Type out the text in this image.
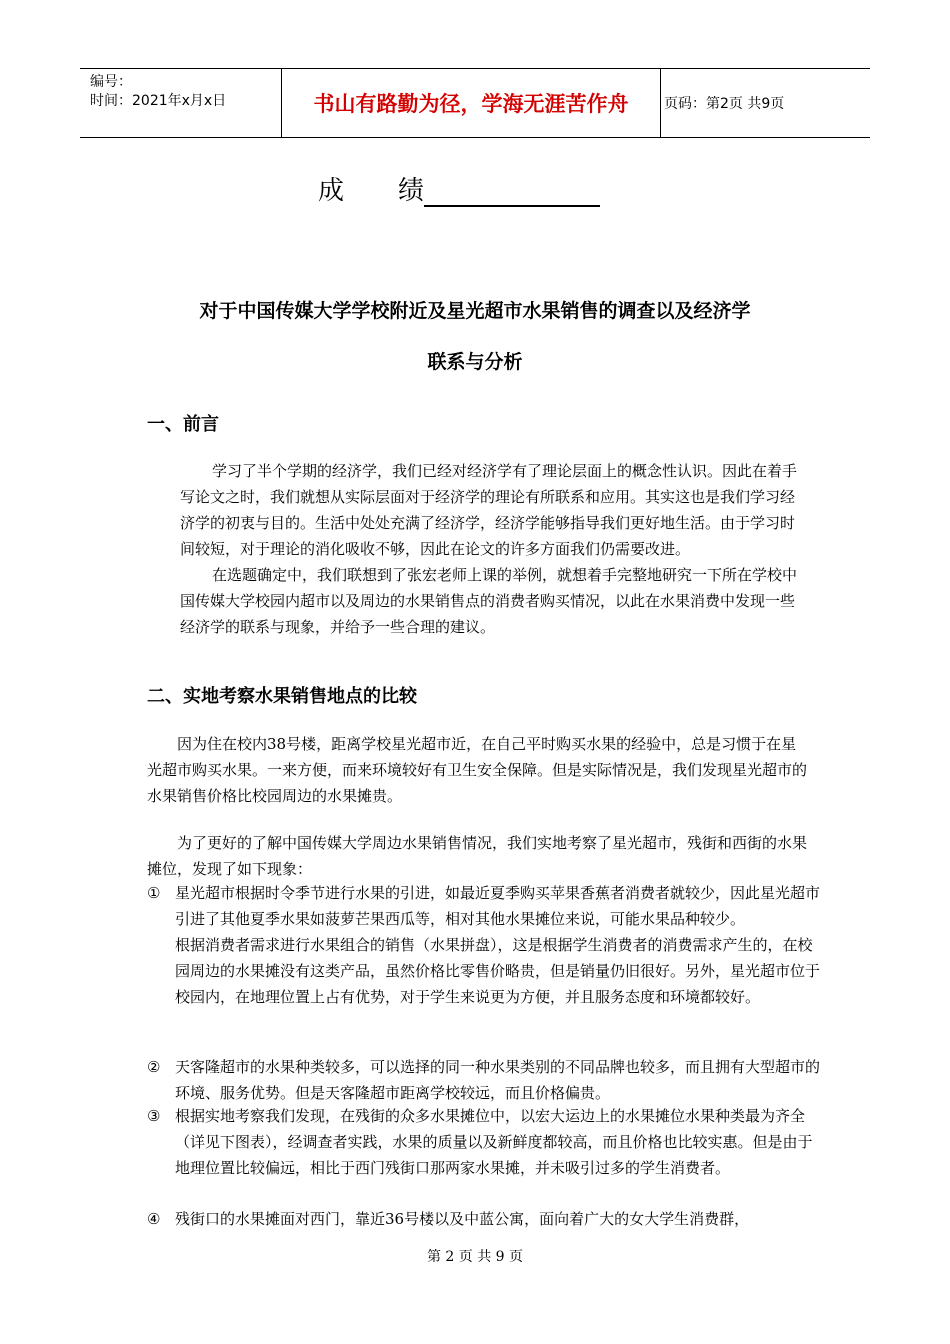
编号：
时间：2021年x月x日	书山有路勤为径，学海无涯苦作舟	页码：第2页 共9页
成 绩
对于中国传媒大学学校附近及星光超市水果销售的调查以及经济学
联系与分析
一、前言

学习了半个学期的经济学，我们已经对经济学有了理论层面上的概念性认识。因此在着手写论文之时，我们就想从实际层面对于经济学的理论有所联系和应用。其实这也是我们学习经济学的初衷与目的。生活中处处充满了经济学，经济学能够指导我们更好地生活。由于学习时间较短，对于理论的消化吸收不够，因此在论文的许多方面我们仍需要改进。

在选题确定中，我们联想到了张宏老师上课的举例，就想着手完整地研究一下所在学校中国传媒大学校园内超市以及周边的水果销售点的消费者购买情况，以此在水果消费中发现一些经济学的联系与现象，并给予一些合理的建议。

二、实地考察水果销售地点的比较

因为住在校内38号楼，距离学校星光超市近，在自己平时购买水果的经验中，总是习惯于在星光超市购买水果。一来方便，而来环境较好有卫生安全保障。但是实际情况是，我们发现星光超市的水果销售价格比校园周边的水果摊贵。

为了更好的了解中国传媒大学周边水果销售情况，我们实地考察了星光超市，残街和西街的水果摊位，发现了如下现象：

① 星光超市根据时令季节进行水果的引进，如最近夏季购买苹果香蕉者消费者就较少，因此星光超市引进了其他夏季水果如菠萝芒果西瓜等，相对其他水果摊位来说，可能水果品种较少。
根据消费者需求进行水果组合的销售（水果拼盘），这是根据学生消费者的消费需求产生的，在校园周边的水果摊没有这类产品，虽然价格比零售价略贵，但是销量仍旧很好。另外，星光超市位于校园内，在地理位置上占有优势，对于学生来说更为方便，并且服务态度和环境都较好。
② 天客隆超市的水果种类较多，可以选择的同一种水果类别的不同品牌也较多，而且拥有大型超市的环境、服务优势。但是天客隆超市距离学校较远，而且价格偏贵。
③ 根据实地考察我们发现，在残街的众多水果摊位中，以宏大运边上的水果摊位水果种类最为齐全（详见下图表），经调查者实践，水果的质量以及新鲜度都较高，而且价格也比较实惠。但是由于地理位置比较偏远，相比于西门残街口那两家水果摊，并未吸引过多的学生消费者。
④ 残街口的水果摊面对西门，靠近36号楼以及中蓝公寓，面向着广大的女大学生消费群，
第 2 页 共 9 页
